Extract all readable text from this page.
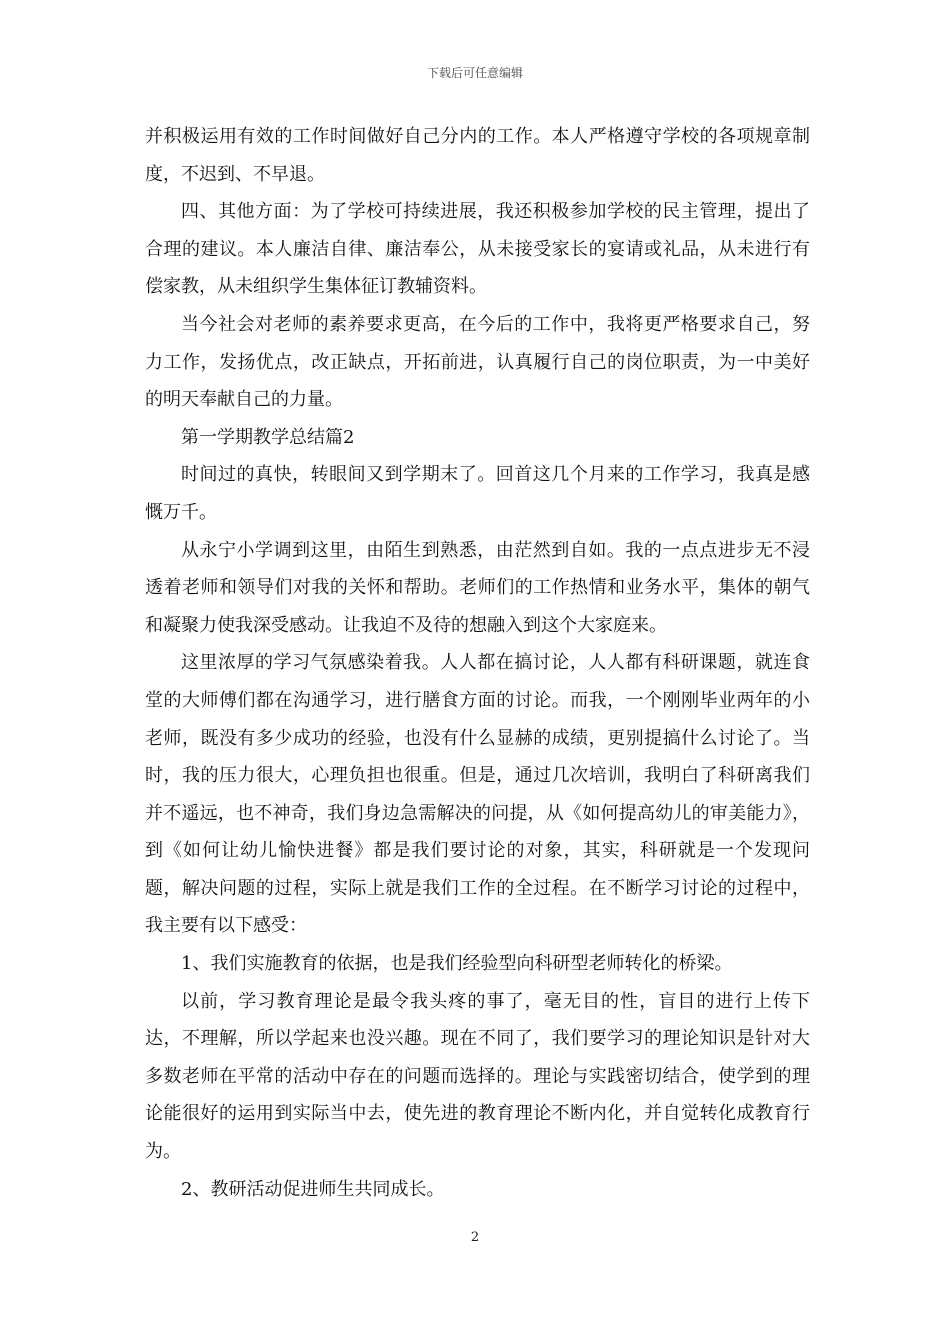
下载后可任意编辑

并积极运用有效的工作时间做好自己分内的工作。本人严格遵守学校的各项规章制度，不迟到、不早退。

四、其他方面：为了学校可持续进展，我还积极参加学校的民主管理，提出了合理的建议。本人廉洁自律、廉洁奉公，从未接受家长的宴请或礼品，从未进行有偿家教，从未组织学生集体征订教辅资料。

当今社会对老师的素养要求更高，在今后的工作中，我将更严格要求自己，努力工作，发扬优点，改正缺点，开拓前进，认真履行自己的岗位职责，为一中美好的明天奉献自己的力量。

第一学期教学总结篇2

时间过的真快，转眼间又到学期末了。回首这几个月来的工作学习，我真是感慨万千。

从永宁小学调到这里，由陌生到熟悉，由茫然到自如。我的一点点进步无不浸透着老师和领导们对我的关怀和帮助。老师们的工作热情和业务水平，集体的朝气和凝聚力使我深受感动。让我迫不及待的想融入到这个大家庭来。

这里浓厚的学习气氛感染着我。人人都在搞讨论，人人都有科研课题，就连食堂的大师傅们都在沟通学习，进行膳食方面的讨论。而我，一个刚刚毕业两年的小老师，既没有多少成功的经验，也没有什么显赫的成绩，更别提搞什么讨论了。当时，我的压力很大，心理负担也很重。但是，通过几次培训，我明白了科研离我们并不遥远，也不神奇，我们身边急需解决的问提，从《如何提高幼儿的审美能力》，到《如何让幼儿愉快进餐》都是我们要讨论的对象，其实，科研就是一个发现问题，解决问题的过程，实际上就是我们工作的全过程。在不断学习讨论的过程中，我主要有以下感受：

1、我们实施教育的依据，也是我们经验型向科研型老师转化的桥梁。

以前，学习教育理论是最令我头疼的事了，毫无目的性，盲目的进行上传下达，不理解，所以学起来也没兴趣。现在不同了，我们要学习的理论知识是针对大多数老师在平常的活动中存在的问题而选择的。理论与实践密切结合，使学到的理论能很好的运用到实际当中去，使先进的教育理论不断内化，并自觉转化成教育行为。

2、教研活动促进师生共同成长。

2
